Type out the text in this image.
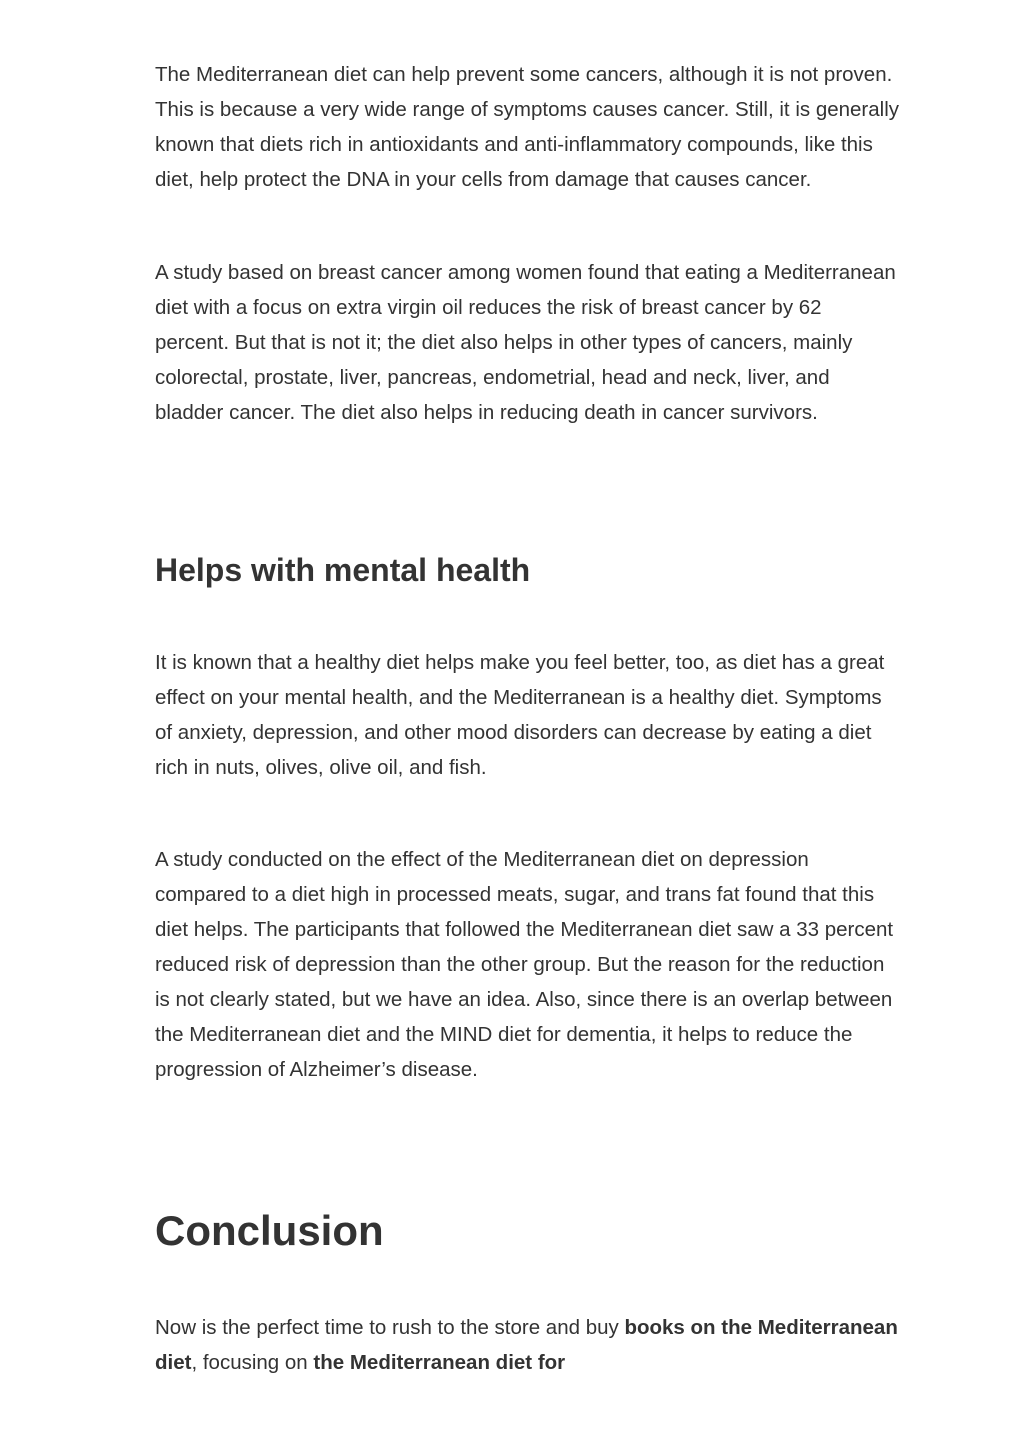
The Mediterranean diet can help prevent some cancers, although it is not proven. This is because a very wide range of symptoms causes cancer. Still, it is generally known that diets rich in antioxidants and anti-inflammatory compounds, like this diet, help protect the DNA in your cells from damage that causes cancer.

A study based on breast cancer among women found that eating a Mediterranean diet with a focus on extra virgin oil reduces the risk of breast cancer by 62 percent. But that is not it; the diet also helps in other types of cancers, mainly colorectal, prostate, liver, pancreas, endometrial, head and neck, liver, and bladder cancer. The diet also helps in reducing death in cancer survivors.

Helps with mental health

It is known that a healthy diet helps make you feel better, too, as diet has a great effect on your mental health, and the Mediterranean is a healthy diet. Symptoms of anxiety, depression, and other mood disorders can decrease by eating a diet rich in nuts, olives, olive oil, and fish.

A study conducted on the effect of the Mediterranean diet on depression compared to a diet high in processed meats, sugar, and trans fat found that this diet helps. The participants that followed the Mediterranean diet saw a 33 percent reduced risk of depression than the other group. But the reason for the reduction is not clearly stated, but we have an idea. Also, since there is an overlap between the Mediterranean diet and the MIND diet for dementia, it helps to reduce the progression of Alzheimer’s disease.

Conclusion

Now is the perfect time to rush to the store and buy books on the Mediterranean diet, focusing on the Mediterranean diet for
